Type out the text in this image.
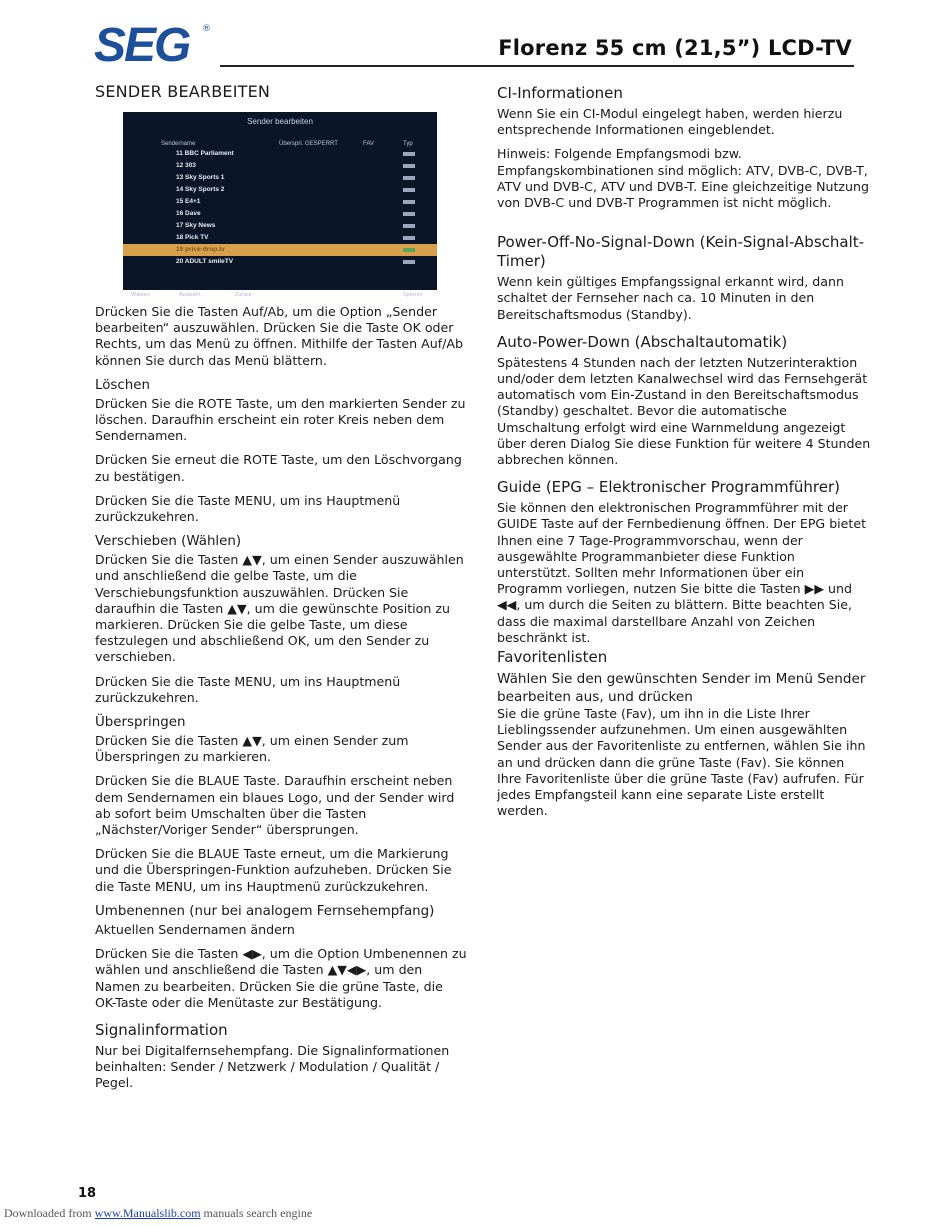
SEG ®
Florenz 55 cm (21,5”) LCD-TV
SENDER BEARBEITEN
Sender bearbeiten
Sendername	Überspri. GESPERRT	FAV	Typ
11 BBC Parliament
12 303
13 Sky Sports 1
14 Sky Sports 2
15 E4+1
16 Dave
17 Sky News
18 Pick TV
19 price-drop.tv
20 ADULT smileTV
Wählen	Auswahl.	Zurück	Sperren

Drücken Sie die Tasten Auf/Ab, um die Option „Sender bearbeiten“ auszuwählen. Drücken Sie die Taste OK oder Rechts, um das Menü zu öffnen. Mithilfe der Tasten Auf/Ab können Sie durch das Menü blättern.

Löschen

Drücken Sie die ROTE Taste, um den markierten Sender zu löschen. Daraufhin erscheint ein roter Kreis neben dem Sendernamen.

Drücken Sie erneut die ROTE Taste, um den Löschvorgang zu bestätigen.

Drücken Sie die Taste MENU, um ins Hauptmenü zurückzukehren.

Verschieben (Wählen)

Drücken Sie die Tasten ▲▼, um einen Sender auszuwählen und anschließend die gelbe Taste, um die Verschiebungsfunktion auszuwählen. Drücken Sie daraufhin die Tasten ▲▼, um die gewünschte Position zu markieren. Drücken Sie die gelbe Taste, um diese festzulegen und abschließend OK, um den Sender zu verschieben.

Drücken Sie die Taste MENU, um ins Hauptmenü zurückzukehren.

Überspringen

Drücken Sie die Tasten ▲▼, um einen Sender zum Überspringen zu markieren.

Drücken Sie die BLAUE Taste. Daraufhin erscheint neben dem Sendernamen ein blaues Logo, und der Sender wird ab sofort beim Umschalten über die Tasten „Nächster/Voriger Sender“ übersprungen.

Drücken Sie die BLAUE Taste erneut, um die Markierung und die Überspringen-Funktion aufzuheben. Drücken Sie die Taste MENU, um ins Hauptmenü zurückzukehren.

Umbenennen (nur bei analogem Fernsehempfang)

Aktuellen Sendernamen ändern

Drücken Sie die Tasten ◀▶, um die Option Umbenennen zu wählen und anschließend die Tasten ▲▼◀▶, um den Namen zu bearbeiten. Drücken Sie die grüne Taste, die OK-Taste oder die Menütaste zur Bestätigung.

Signalinformation

Nur bei Digitalfernsehempfang. Die Signalinformationen beinhalten: Sender / Netzwerk / Modulation / Qualität / Pegel.

CI-Informationen

Wenn Sie ein CI-Modul eingelegt haben, werden hierzu entsprechende Informationen eingeblendet.

Hinweis: Folgende Empfangsmodi bzw. Empfangskombinationen sind möglich: ATV, DVB-C, DVB-T, ATV und DVB-C, ATV und DVB-T. Eine gleichzeitige Nutzung von DVB-C und DVB-T Programmen ist nicht möglich.

Power-Off-No-Signal-Down (Kein-Signal-Abschalt-Timer)

Wenn kein gültiges Empfangssignal erkannt wird, dann schaltet der Fernseher nach ca. 10 Minuten in den Bereitschaftsmodus (Standby).

Auto-Power-Down (Abschaltautomatik)

Spätestens 4 Stunden nach der letzten Nutzerinteraktion und/oder dem letzten Kanalwechsel wird das Fernsehgerät automatisch vom Ein-Zustand in den Bereitschaftsmodus (Standby) geschaltet. Bevor die automatische Umschaltung erfolgt wird eine Warnmeldung angezeigt über deren Dialog Sie diese Funktion für weitere 4 Stunden abbrechen können.

Guide (EPG – Elektronischer Programmführer)

Sie können den elektronischen Programmführer mit der GUIDE Taste auf der Fernbedienung öffnen. Der EPG bietet Ihnen eine 7 Tage-Programmvorschau, wenn der ausgewählte Programmanbieter diese Funktion unterstützt. Sollten mehr Informationen über ein Programm vorliegen, nutzen Sie bitte die Tasten ▶▶ und ◀◀, um durch die Seiten zu blättern. Bitte beachten Sie, dass die maximal darstellbare Anzahl von Zeichen beschränkt ist.

Favoritenlisten

Wählen Sie den gewünschten Sender im Menü Sender bearbeiten aus, und drücken

Sie die grüne Taste (Fav), um ihn in die Liste Ihrer Lieblingssender aufzunehmen. Um einen ausgewählten Sender aus der Favoritenliste zu entfernen, wählen Sie ihn an und drücken dann die grüne Taste (Fav). Sie können Ihre Favoritenliste über die grüne Taste (Fav) aufrufen. Für jedes Empfangsteil kann eine separate Liste erstellt werden.

18
Downloaded from www.Manualslib.com manuals search engine
